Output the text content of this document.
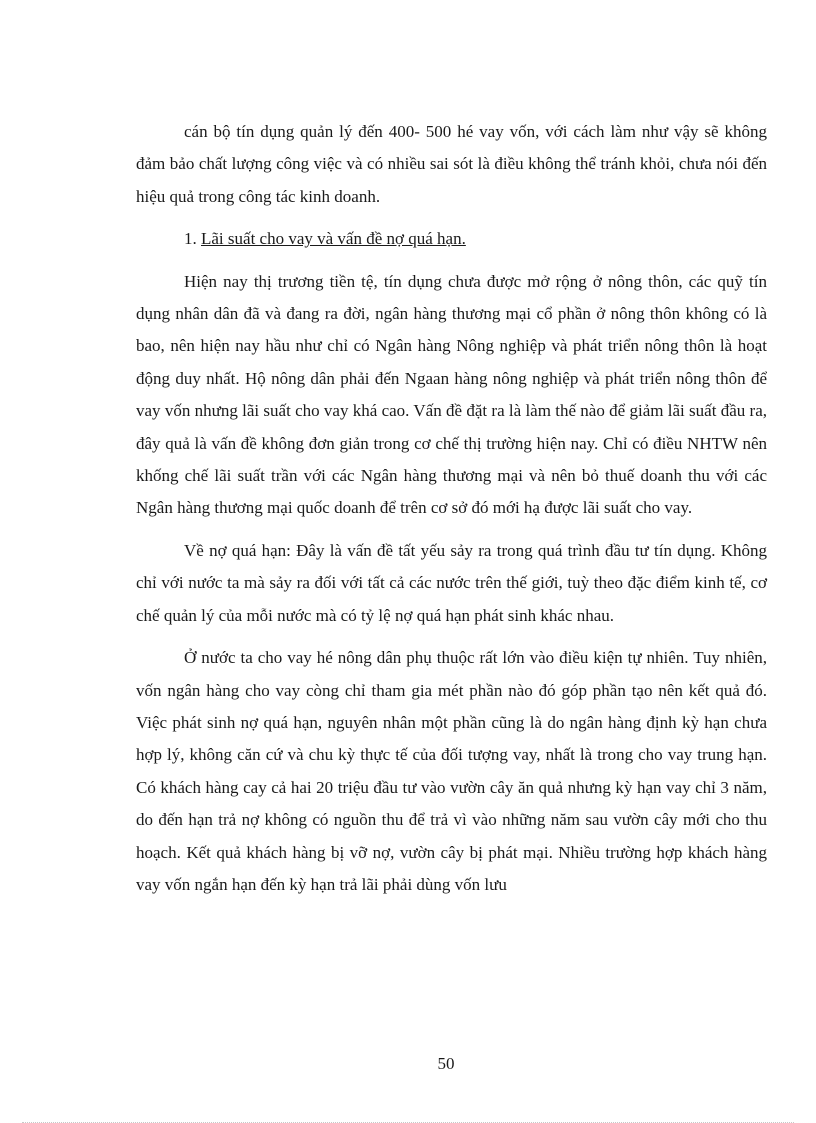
cán bộ tín dụng quản lý đến 400- 500 hé vay vốn, với cách làm như vậy sẽ không đảm bảo chất lượng công việc và có nhiều sai sót là điều không thể tránh khỏi, chưa nói đến hiệu quả trong công tác kinh doanh.

1. Lãi suất cho vay và vấn đề nợ quá hạn.

Hiện nay thị trương tiền tệ, tín dụng chưa được mở rộng ở nông thôn, các quỹ tín dụng nhân dân đã và đang ra đời, ngân hàng thương mại cổ phần ở nông thôn không có là bao, nên hiện nay hầu như chỉ có Ngân hàng Nông nghiệp và phát triển nông thôn là hoạt động duy nhất. Hộ nông dân phải đến Ngaan hàng nông nghiệp và phát triển nông thôn để vay vốn nhưng lãi suất cho vay khá cao. Vấn đề đặt ra là làm thế nào để giảm lãi suất đầu ra, đây quả là vấn đề không đơn giản trong cơ chế thị trường hiện nay. Chỉ có điều NHTW nên khống chế lãi suất trần với các Ngân hàng thương mại và nên bỏ thuế doanh thu với các Ngân hàng thương mại quốc doanh để trên cơ sở đó mới hạ được lãi suất cho vay.

Về nợ quá hạn: Đây là vấn đề tất yếu sảy ra trong quá trình đầu tư tín dụng. Không chỉ với nước ta mà sảy ra đối với tất cả các nước trên thế giới, tuỳ theo đặc điểm kinh tế, cơ chế quản lý của mỗi nước mà có tỷ lệ nợ quá hạn phát sinh khác nhau.

Ở nước ta cho vay hé nông dân phụ thuộc rất lớn vào điều kiện tự nhiên. Tuy nhiên, vốn ngân hàng cho vay còng chỉ tham gia mét phần nào đó góp phần tạo nên kết quả đó. Việc phát sinh nợ quá hạn, nguyên nhân một phần cũng là do ngân hàng định kỳ hạn chưa hợp lý, không căn cứ và chu kỳ thực tế của đối tượng vay, nhất là trong cho vay trung hạn. Có khách hàng cay cả hai 20 triệu đầu tư vào vườn cây ăn quả nhưng kỳ hạn vay chỉ 3 năm, do đến hạn trả nợ không có nguồn thu để trả vì vào những năm sau vườn cây mới cho thu hoạch. Kết quả khách hàng bị vỡ nợ, vườn cây bị phát mại. Nhiều trường hợp khách hàng vay vốn ngắn hạn đến kỳ hạn trả lãi phải dùng vốn lưu

50
